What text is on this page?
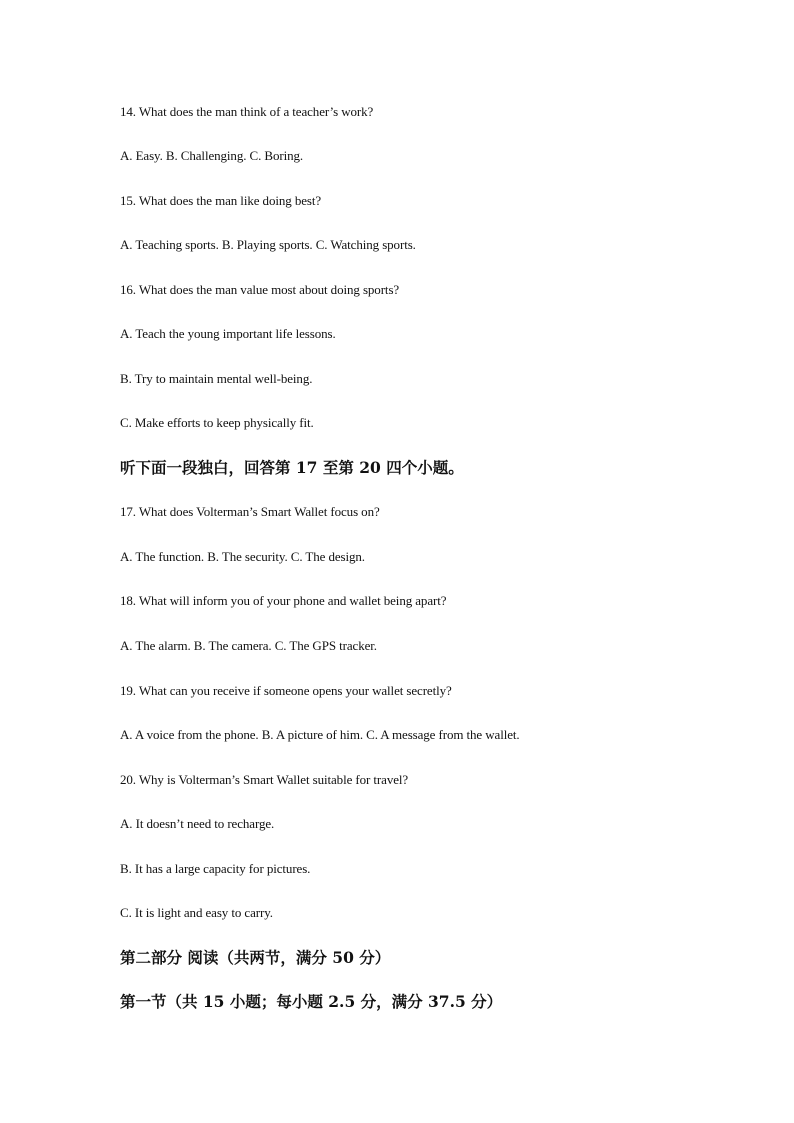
14. What does the man think of a teacher’s work?
A. Easy. B. Challenging. C. Boring.
15. What does the man like doing best?
A. Teaching sports. B. Playing sports. C. Watching sports.
16. What does the man value most about doing sports?
A. Teach the young important life lessons.
B. Try to maintain mental well-being.
C. Make efforts to keep physically fit.
听下面一段独白，回答第 17 至第 20 四个小题。
17. What does Volterman’s Smart Wallet focus on?
A. The function. B. The security. C. The design.
18. What will inform you of your phone and wallet being apart?
A. The alarm. B. The camera. C. The GPS tracker.
19. What can you receive if someone opens your wallet secretly?
A. A voice from the phone. B. A picture of him. C. A message from the wallet.
20. Why is Volterman’s Smart Wallet suitable for travel?
A. It doesn’t need to recharge.
B. It has a large capacity for pictures.
C. It is light and easy to carry.
第二部分 阅读（共两节，满分 50 分）
第一节（共 15 小题；每小题 2.5 分，满分 37.5 分）
